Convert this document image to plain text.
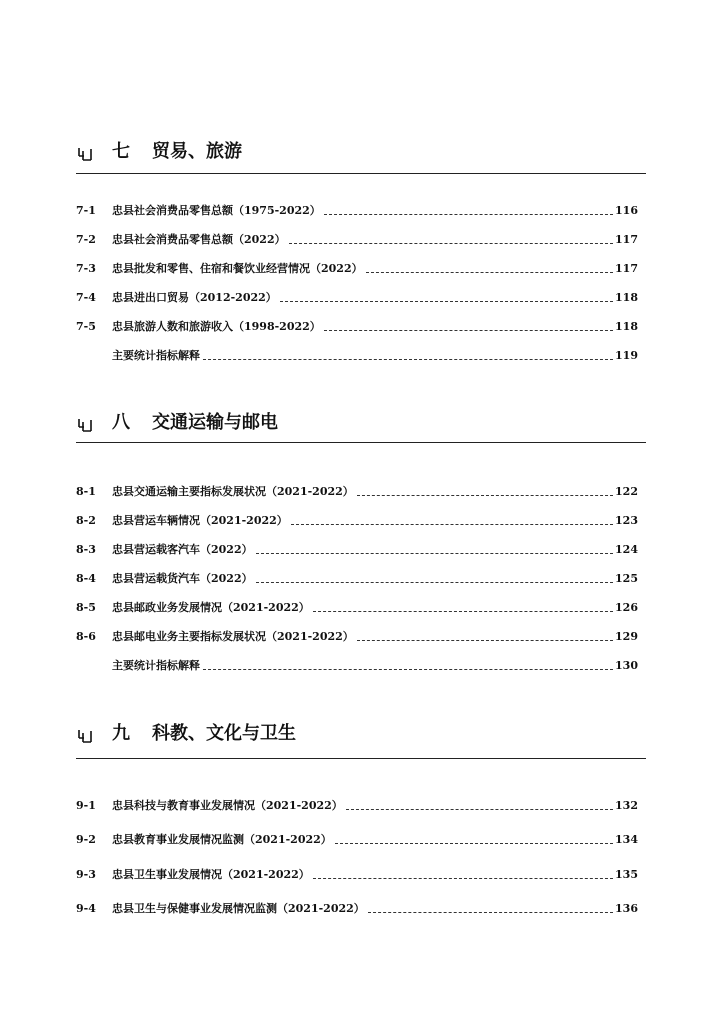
七 贸易、旅游
7-1	忠县社会消费品零售总额（1975-2022）	116
7-2	忠县社会消费品零售总额（2022）	117
7-3	忠县批发和零售、住宿和餐饮业经营情况（2022）	117
7-4	忠县进出口贸易（2012-2022）	118
7-5	忠县旅游人数和旅游收入（1998-2022）	118
主要统计指标解释	119
八 交通运输与邮电
8-1	忠县交通运输主要指标发展状况（2021-2022）	122
8-2	忠县营运车辆情况（2021-2022）	123
8-3	忠县营运载客汽车（2022）	124
8-4	忠县营运载货汽车（2022）	125
8-5	忠县邮政业务发展情况（2021-2022）	126
8-6	忠县邮电业务主要指标发展状况（2021-2022）	129
主要统计指标解释	130
九 科教、文化与卫生
9-1	忠县科技与教育事业发展情况（2021-2022）	132
9-2	忠县教育事业发展情况监测（2021-2022）	134
9-3	忠县卫生事业发展情况（2021-2022）	135
9-4	忠县卫生与保健事业发展情况监测（2021-2022）	136
